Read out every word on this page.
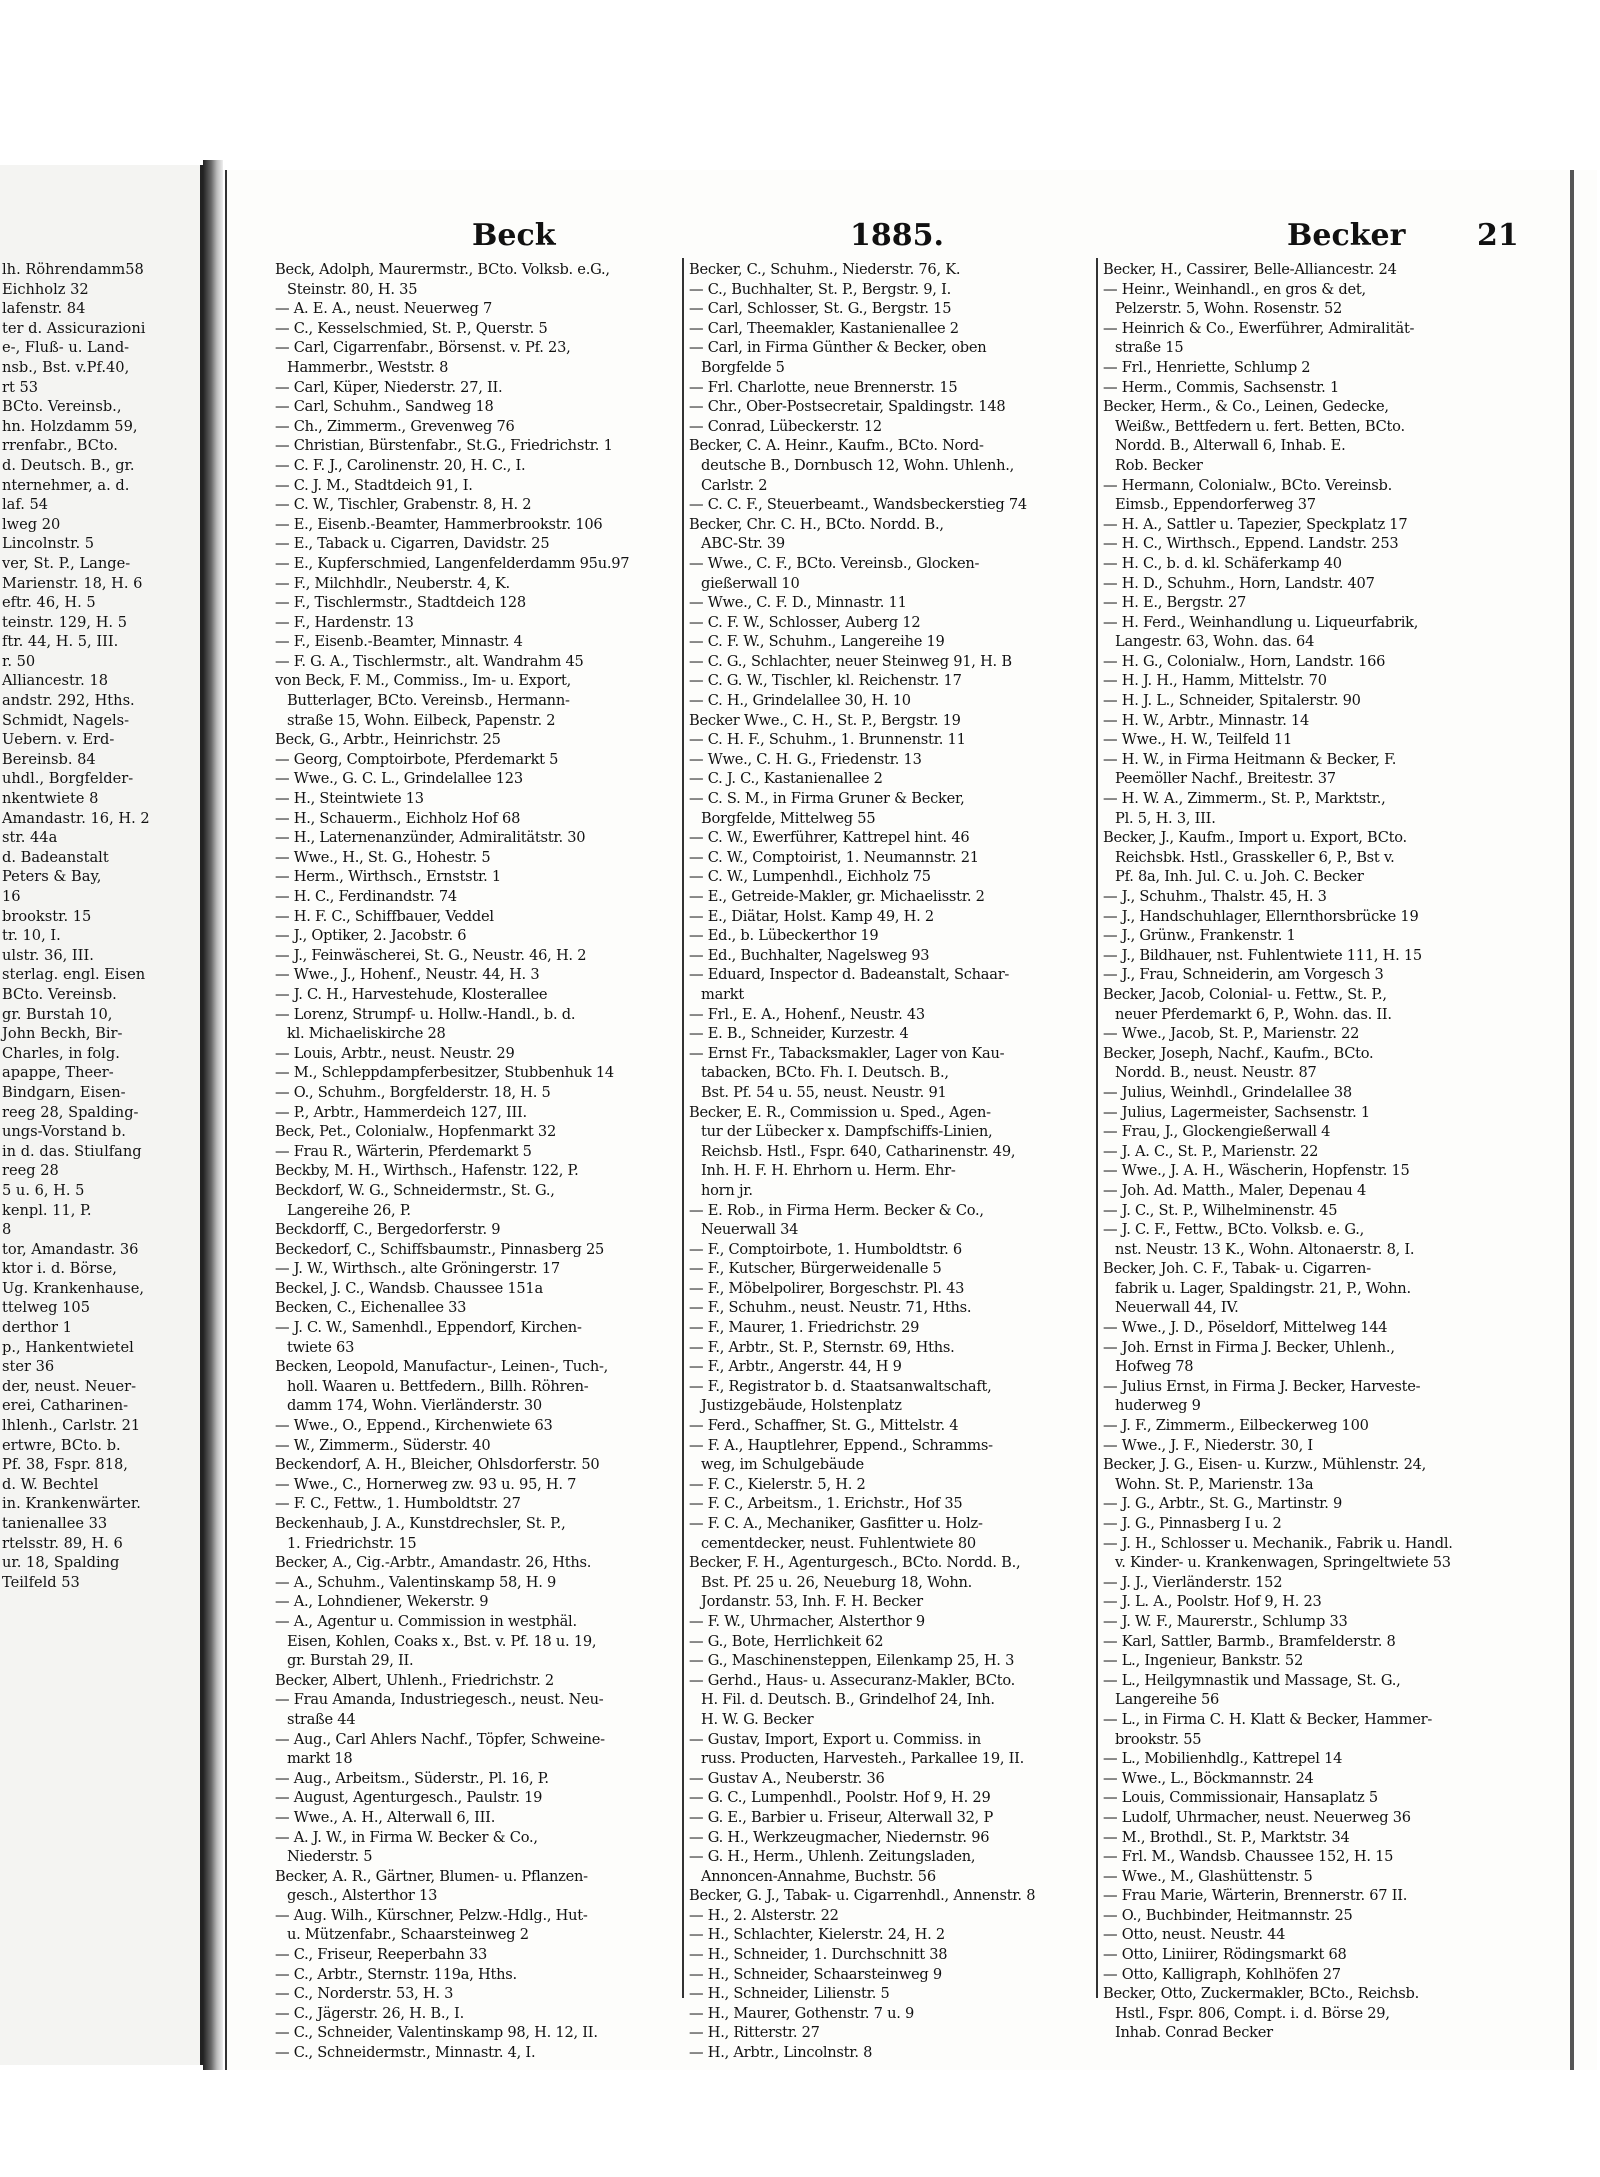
lh. Röhrendamm58
Eichholz 32
lafenstr. 84
ter d. Assicurazioni
e-, Fluß- u. Land-
nsb., Bst. v.Pf.40,
rt 53
BCto. Vereinsb.,
hn. Holzdamm 59,
rrenfabr., BCto.
d. Deutsch. B., gr.
nternehmer, a. d.
laf. 54
lweg 20
Lincolnstr. 5
ver, St. P., Lange-
Marienstr. 18, H. 6
eftr. 46, H. 5
teinstr. 129, H. 5
ftr. 44, H. 5, III.
r. 50
Alliancestr. 18
andstr. 292, Hths.
Schmidt, Nagels-
Uebern. v. Erd-
Bereinsb. 84
uhdl., Borgfelder-
nkentwiete 8
Amandastr. 16, H. 2
str. 44a
d. Badeanstalt
Peters & Bay,
16
brookstr. 15
tr. 10, I.
ulstr. 36, III.
sterlag. engl. Eisen
BCto. Vereinsb.
gr. Burstah 10,
John Beckh, Bir-
Charles, in folg.
apappe, Theer-
Bindgarn, Eisen-
reeg 28, Spalding-
ungs-Vorstand b.
in d. das. Stiulfang
reeg 28
5 u. 6, H. 5
kenpl. 11, P.
8
tor, Amandastr. 36
ktor i. d. Börse,
Ug. Krankenhause,
ttelweg 105
derthor 1
p., Hankentwietel
ster 36
der, neust. Neuer-
erei, Catharinen-
lhlenh., Carlstr. 21
ertwre, BCto. b.
Pf. 38, Fspr. 818,
d. W. Bechtel
in. Krankenwärter.
tanienallee 33
rtelsstr. 89, H. 6
ur. 18, Spalding
Teilfeld 53
Beck	1885.	Becker 21
Beck, Adolph, Maurermstr., BCto. Volksb. e.G.,
Steinstr. 80, H. 35
— A. E. A., neust. Neuerweg 7
— C., Kesselschmied, St. P., Querstr. 5
— Carl, Cigarrenfabr., Börsenst. v. Pf. 23,
Hammerbr., Weststr. 8
— Carl, Küper, Niederstr. 27, II.
— Carl, Schuhm., Sandweg 18
— Ch., Zimmerm., Grevenweg 76
— Christian, Bürstenfabr., St.G., Friedrichstr. 1
— C. F. J., Carolinenstr. 20, H. C., I.
— C. J. M., Stadtdeich 91, I.
— C. W., Tischler, Grabenstr. 8, H. 2
— E., Eisenb.-Beamter, Hammerbrookstr. 106
— E., Taback u. Cigarren, Davidstr. 25
— E., Kupferschmied, Langenfelderdamm 95u.97
— F., Milchhdlr., Neuberstr. 4, K.
— F., Tischlermstr., Stadtdeich 128
— F., Hardenstr. 13
— F., Eisenb.-Beamter, Minnastr. 4
— F. G. A., Tischlermstr., alt. Wandrahm 45
von Beck, F. M., Commiss., Im- u. Export,
Butterlager, BCto. Vereinsb., Hermann-
straße 15, Wohn. Eilbeck, Papenstr. 2
Beck, G., Arbtr., Heinrichstr. 25
— Georg, Comptoirbote, Pferdemarkt 5
— Wwe., G. C. L., Grindelallee 123
— H., Steintwiete 13
— H., Schauerm., Eichholz Hof 68
— H., Laternenanzünder, Admiralitätstr. 30
— Wwe., H., St. G., Hohestr. 5
— Herm., Wirthsch., Ernststr. 1
— H. C., Ferdinandstr. 74
— H. F. C., Schiffbauer, Veddel
— J., Optiker, 2. Jacobstr. 6
— J., Feinwäscherei, St. G., Neustr. 46, H. 2
— Wwe., J., Hohenf., Neustr. 44, H. 3
— J. C. H., Harvestehude, Klosterallee
— Lorenz, Strumpf- u. Hollw.-Handl., b. d.
kl. Michaeliskirche 28
— Louis, Arbtr., neust. Neustr. 29
— M., Schleppdampferbesitzer, Stubbenhuk 14
— O., Schuhm., Borgfelderstr. 18, H. 5
— P., Arbtr., Hammerdeich 127, III.
Beck, Pet., Colonialw., Hopfenmarkt 32
— Frau R., Wärterin, Pferdemarkt 5
Beckby, M. H., Wirthsch., Hafenstr. 122, P.
Beckdorf, W. G., Schneidermstr., St. G.,
Langereihe 26, P.
Beckdorff, C., Bergedorferstr. 9
Beckedorf, C., Schiffsbaumstr., Pinnasberg 25
— J. W., Wirthsch., alte Gröningerstr. 17
Beckel, J. C., Wandsb. Chaussee 151a
Becken, C., Eichenallee 33
— J. C. W., Samenhdl., Eppendorf, Kirchen-
twiete 63
Becken, Leopold, Manufactur-, Leinen-, Tuch-,
holl. Waaren u. Bettfedern., Billh. Röhren-
damm 174, Wohn. Vierländerstr. 30
— Wwe., O., Eppend., Kirchenwiete 63
— W., Zimmerm., Süderstr. 40
Beckendorf, A. H., Bleicher, Ohlsdorferstr. 50
— Wwe., C., Hornerweg zw. 93 u. 95, H. 7
— F. C., Fettw., 1. Humboldtstr. 27
Beckenhaub, J. A., Kunstdrechsler, St. P.,
1. Friedrichstr. 15
Becker, A., Cig.-Arbtr., Amandastr. 26, Hths.
— A., Schuhm., Valentinskamp 58, H. 9
— A., Lohndiener, Wekerstr. 9
— A., Agentur u. Commission in westphäl.
Eisen, Kohlen, Coaks x., Bst. v. Pf. 18 u. 19,
gr. Burstah 29, II.
Becker, Albert, Uhlenh., Friedrichstr. 2
— Frau Amanda, Industriegesch., neust. Neu-
straße 44
— Aug., Carl Ahlers Nachf., Töpfer, Schweine-
markt 18
— Aug., Arbeitsm., Süderstr., Pl. 16, P.
— August, Agenturgesch., Paulstr. 19
— Wwe., A. H., Alterwall 6, III.
— A. J. W., in Firma W. Becker & Co.,
Niederstr. 5
Becker, A. R., Gärtner, Blumen- u. Pflanzen-
gesch., Alsterthor 13
— Aug. Wilh., Kürschner, Pelzw.-Hdlg., Hut-
u. Mützenfabr., Schaarsteinweg 2
— C., Friseur, Reeperbahn 33
— C., Arbtr., Sternstr. 119a, Hths.
— C., Norderstr. 53, H. 3
— C., Jägerstr. 26, H. B., I.
— C., Schneider, Valentinskamp 98, H. 12, II.
— C., Schneidermstr., Minnastr. 4, I.
Becker, C., Schuhm., Niederstr. 76, K.
— C., Buchhalter, St. P., Bergstr. 9, I.
— Carl, Schlosser, St. G., Bergstr. 15
— Carl, Theemakler, Kastanienallee 2
— Carl, in Firma Günther & Becker, oben
Borgfelde 5
— Frl. Charlotte, neue Brennerstr. 15
— Chr., Ober-Postsecretair, Spaldingstr. 148
— Conrad, Lübeckerstr. 12
Becker, C. A. Heinr., Kaufm., BCto. Nord-
deutsche B., Dornbusch 12, Wohn. Uhlenh.,
Carlstr. 2
— C. C. F., Steuerbeamt., Wandsbeckerstieg 74
Becker, Chr. C. H., BCto. Nordd. B.,
ABC-Str. 39
— Wwe., C. F., BCto. Vereinsb., Glocken-
gießerwall 10
— Wwe., C. F. D., Minnastr. 11
— C. F. W., Schlosser, Auberg 12
— C. F. W., Schuhm., Langereihe 19
— C. G., Schlachter, neuer Steinweg 91, H. B
— C. G. W., Tischler, kl. Reichenstr. 17
— C. H., Grindelallee 30, H. 10
Becker Wwe., C. H., St. P., Bergstr. 19
— C. H. F., Schuhm., 1. Brunnenstr. 11
— Wwe., C. H. G., Friedenstr. 13
— C. J. C., Kastanienallee 2
— C. S. M., in Firma Gruner & Becker,
Borgfelde, Mittelweg 55
— C. W., Ewerführer, Kattrepel hint. 46
— C. W., Comptoirist, 1. Neumannstr. 21
— C. W., Lumpenhdl., Eichholz 75
— E., Getreide-Makler, gr. Michaelisstr. 2
— E., Diätar, Holst. Kamp 49, H. 2
— Ed., b. Lübeckerthor 19
— Ed., Buchhalter, Nagelsweg 93
— Eduard, Inspector d. Badeanstalt, Schaar-
markt
— Frl., E. A., Hohenf., Neustr. 43
— E. B., Schneider, Kurzestr. 4
— Ernst Fr., Tabacksmakler, Lager von Kau-
tabacken, BCto. Fh. I. Deutsch. B.,
Bst. Pf. 54 u. 55, neust. Neustr. 91
Becker, E. R., Commission u. Sped., Agen-
tur der Lübecker x. Dampfschiffs-Linien,
Reichsb. Hstl., Fspr. 640, Catharinenstr. 49,
Inh. H. F. H. Ehrhorn u. Herm. Ehr-
horn jr.
— E. Rob., in Firma Herm. Becker & Co.,
Neuerwall 34
— F., Comptoirbote, 1. Humboldtstr. 6
— F., Kutscher, Bürgerweidenalle 5
— F., Möbelpolirer, Borgeschstr. Pl. 43
— F., Schuhm., neust. Neustr. 71, Hths.
— F., Maurer, 1. Friedrichstr. 29
— F., Arbtr., St. P., Sternstr. 69, Hths.
— F., Arbtr., Angerstr. 44, H 9
— F., Registrator b. d. Staatsanwaltschaft,
Justizgebäude, Holstenplatz
— Ferd., Schaffner, St. G., Mittelstr. 4
— F. A., Hauptlehrer, Eppend., Schramms-
weg, im Schulgebäude
— F. C., Kielerstr. 5, H. 2
— F. C., Arbeitsm., 1. Erichstr., Hof 35
— F. C. A., Mechaniker, Gasfitter u. Holz-
cementdecker, neust. Fuhlentwiete 80
Becker, F. H., Agenturgesch., BCto. Nordd. B.,
Bst. Pf. 25 u. 26, Neueburg 18, Wohn.
Jordanstr. 53, Inh. F. H. Becker
— F. W., Uhrmacher, Alsterthor 9
— G., Bote, Herrlichkeit 62
— G., Maschinensteppen, Eilenkamp 25, H. 3
— Gerhd., Haus- u. Assecuranz-Makler, BCto.
H. Fil. d. Deutsch. B., Grindelhof 24, Inh.
H. W. G. Becker
— Gustav, Import, Export u. Commiss. in
russ. Producten, Harvesteh., Parkallee 19, II.
— Gustav A., Neuberstr. 36
— G. C., Lumpenhdl., Poolstr. Hof 9, H. 29
— G. E., Barbier u. Friseur, Alterwall 32, P
— G. H., Werkzeugmacher, Niedernstr. 96
— G. H., Herm., Uhlenh. Zeitungsladen,
Annoncen-Annahme, Buchstr. 56
Becker, G. J., Tabak- u. Cigarrenhdl., Annenstr. 8
— H., 2. Alsterstr. 22
— H., Schlachter, Kielerstr. 24, H. 2
— H., Schneider, 1. Durchschnitt 38
— H., Schneider, Schaarsteinweg 9
— H., Schneider, Lilienstr. 5
— H., Maurer, Gothenstr. 7 u. 9
— H., Ritterstr. 27
— H., Arbtr., Lincolnstr. 8
Becker, H., Cassirer, Belle-Alliancestr. 24
— Heinr., Weinhandl., en gros & det,
Pelzerstr. 5, Wohn. Rosenstr. 52
— Heinrich & Co., Ewerführer, Admiralität-
straße 15
— Frl., Henriette, Schlump 2
— Herm., Commis, Sachsenstr. 1
Becker, Herm., & Co., Leinen, Gedecke,
Weißw., Bettfedern u. fert. Betten, BCto.
Nordd. B., Alterwall 6, Inhab. E.
Rob. Becker
— Hermann, Colonialw., BCto. Vereinsb.
Eimsb., Eppendorferweg 37
— H. A., Sattler u. Tapezier, Speckplatz 17
— H. C., Wirthsch., Eppend. Landstr. 253
— H. C., b. d. kl. Schäferkamp 40
— H. D., Schuhm., Horn, Landstr. 407
— H. E., Bergstr. 27
— H. Ferd., Weinhandlung u. Liqueurfabrik,
Langestr. 63, Wohn. das. 64
— H. G., Colonialw., Horn, Landstr. 166
— H. J. H., Hamm, Mittelstr. 70
— H. J. L., Schneider, Spitalerstr. 90
— H. W., Arbtr., Minnastr. 14
— Wwe., H. W., Teilfeld 11
— H. W., in Firma Heitmann & Becker, F.
Peemöller Nachf., Breitestr. 37
— H. W. A., Zimmerm., St. P., Marktstr.,
Pl. 5, H. 3, III.
Becker, J., Kaufm., Import u. Export, BCto.
Reichsbk. Hstl., Grasskeller 6, P., Bst v.
Pf. 8a, Inh. Jul. C. u. Joh. C. Becker
— J., Schuhm., Thalstr. 45, H. 3
— J., Handschuhlager, Ellernthorsbrücke 19
— J., Grünw., Frankenstr. 1
— J., Bildhauer, nst. Fuhlentwiete 111, H. 15
— J., Frau, Schneiderin, am Vorgesch 3
Becker, Jacob, Colonial- u. Fettw., St. P.,
neuer Pferdemarkt 6, P., Wohn. das. II.
— Wwe., Jacob, St. P., Marienstr. 22
Becker, Joseph, Nachf., Kaufm., BCto.
Nordd. B., neust. Neustr. 87
— Julius, Weinhdl., Grindelallee 38
— Julius, Lagermeister, Sachsenstr. 1
— Frau, J., Glockengießerwall 4
— J. A. C., St. P., Marienstr. 22
— Wwe., J. A. H., Wäscherin, Hopfenstr. 15
— Joh. Ad. Matth., Maler, Depenau 4
— J. C., St. P., Wilhelminenstr. 45
— J. C. F., Fettw., BCto. Volksb. e. G.,
nst. Neustr. 13 K., Wohn. Altonaerstr. 8, I.
Becker, Joh. C. F., Tabak- u. Cigarren-
fabrik u. Lager, Spaldingstr. 21, P., Wohn.
Neuerwall 44, IV.
— Wwe., J. D., Pöseldorf, Mittelweg 144
— Joh. Ernst in Firma J. Becker, Uhlenh.,
Hofweg 78
— Julius Ernst, in Firma J. Becker, Harveste-
huderweg 9
— J. F., Zimmerm., Eilbeckerweg 100
— Wwe., J. F., Niederstr. 30, I
Becker, J. G., Eisen- u. Kurzw., Mühlenstr. 24,
Wohn. St. P., Marienstr. 13a
— J. G., Arbtr., St. G., Martinstr. 9
— J. G., Pinnasberg I u. 2
— J. H., Schlosser u. Mechanik., Fabrik u. Handl.
v. Kinder- u. Krankenwagen, Springeltwiete 53
— J. J., Vierländerstr. 152
— J. L. A., Poolstr. Hof 9, H. 23
— J. W. F., Maurerstr., Schlump 33
— Karl, Sattler, Barmb., Bramfelderstr. 8
— L., Ingenieur, Bankstr. 52
— L., Heilgymnastik und Massage, St. G.,
Langereihe 56
— L., in Firma C. H. Klatt & Becker, Hammer-
brookstr. 55
— L., Mobilienhdlg., Kattrepel 14
— Wwe., L., Böckmannstr. 24
— Louis, Commissionair, Hansaplatz 5
— Ludolf, Uhrmacher, neust. Neuerweg 36
— M., Brothdl., St. P., Marktstr. 34
— Frl. M., Wandsb. Chaussee 152, H. 15
— Wwe., M., Glashüttenstr. 5
— Frau Marie, Wärterin, Brennerstr. 67 II.
— O., Buchbinder, Heitmannstr. 25
— Otto, neust. Neustr. 44
— Otto, Liniirer, Rödingsmarkt 68
— Otto, Kalligraph, Kohlhöfen 27
Becker, Otto, Zuckermakler, BCto., Reichsb.
Hstl., Fspr. 806, Compt. i. d. Börse 29,
Inhab. Conrad Becker
